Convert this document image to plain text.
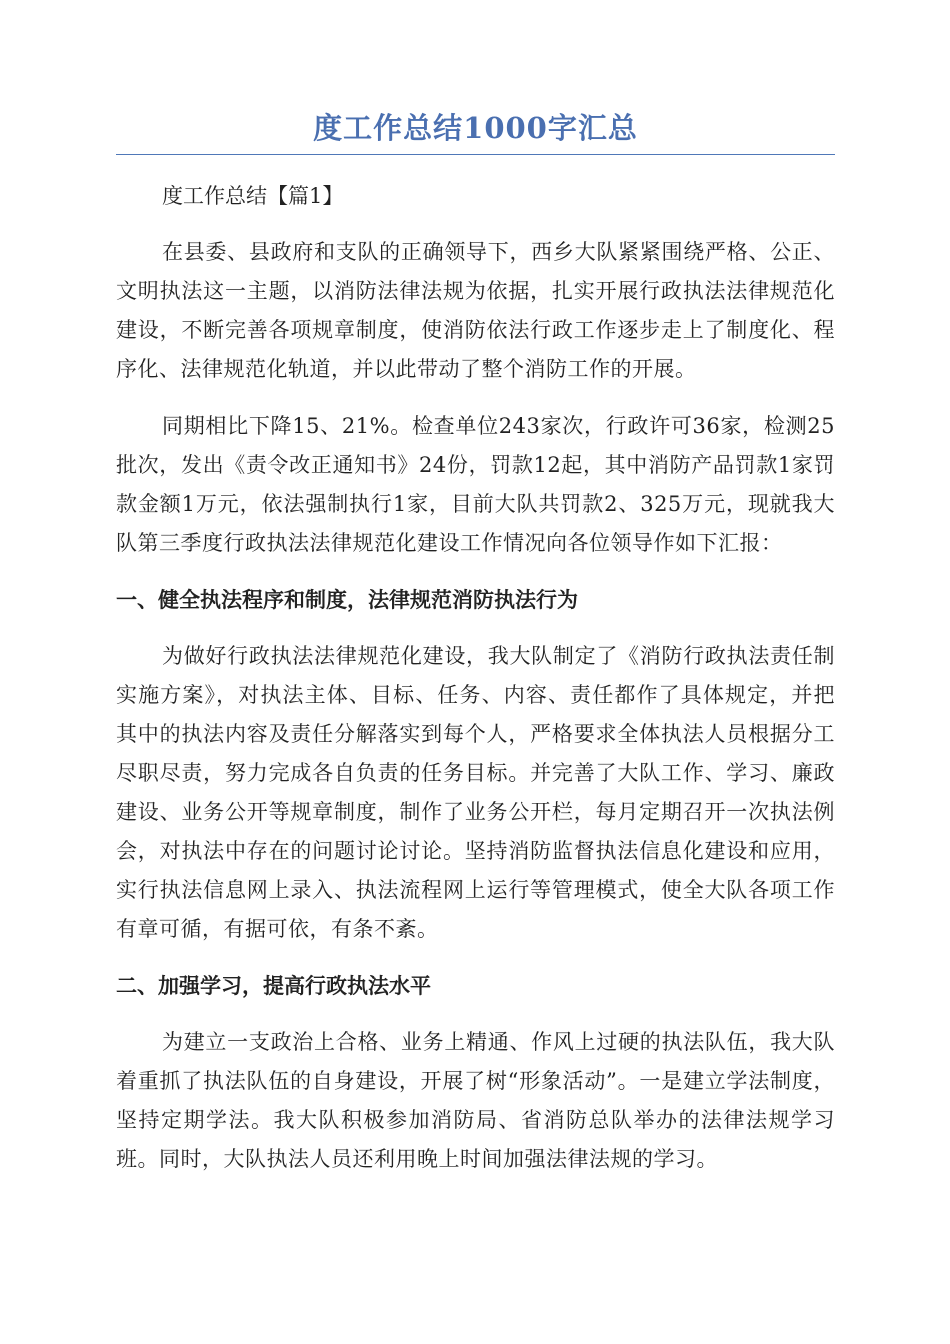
度工作总结1000字汇总
度工作总结【篇1】

在县委、县政府和支队的正确领导下，西乡大队紧紧围绕严格、公正、文明执法这一主题，以消防法律法规为依据，扎实开展行政执法法律规范化建设，不断完善各项规章制度，使消防依法行政工作逐步走上了制度化、程序化、法律规范化轨道，并以此带动了整个消防工作的开展。

同期相比下降15、21%。检查单位243家次，行政许可36家，检测25批次，发出《责令改正通知书》24份，罚款12起，其中消防产品罚款1家罚款金额1万元，依法强制执行1家，目前大队共罚款2、325万元，现就我大队第三季度行政执法法律规范化建设工作情况向各位领导作如下汇报：

一、健全执法程序和制度，法律规范消防执法行为

为做好行政执法法律规范化建设，我大队制定了《消防行政执法责任制实施方案》，对执法主体、目标、任务、内容、责任都作了具体规定，并把其中的执法内容及责任分解落实到每个人，严格要求全体执法人员根据分工尽职尽责，努力完成各自负责的任务目标。并完善了大队工作、学习、廉政建设、业务公开等规章制度，制作了业务公开栏，每月定期召开一次执法例会，对执法中存在的问题讨论讨论。坚持消防监督执法信息化建设和应用，实行执法信息网上录入、执法流程网上运行等管理模式，使全大队各项工作有章可循，有据可依，有条不紊。

二、加强学习，提高行政执法水平

为建立一支政治上合格、业务上精通、作风上过硬的执法队伍，我大队着重抓了执法队伍的自身建设，开展了树“形象活动”。一是建立学法制度，坚持定期学法。我大队积极参加消防局、省消防总队举办的法律法规学习班。同时，大队执法人员还利用晚上时间加强法律法规的学习。
